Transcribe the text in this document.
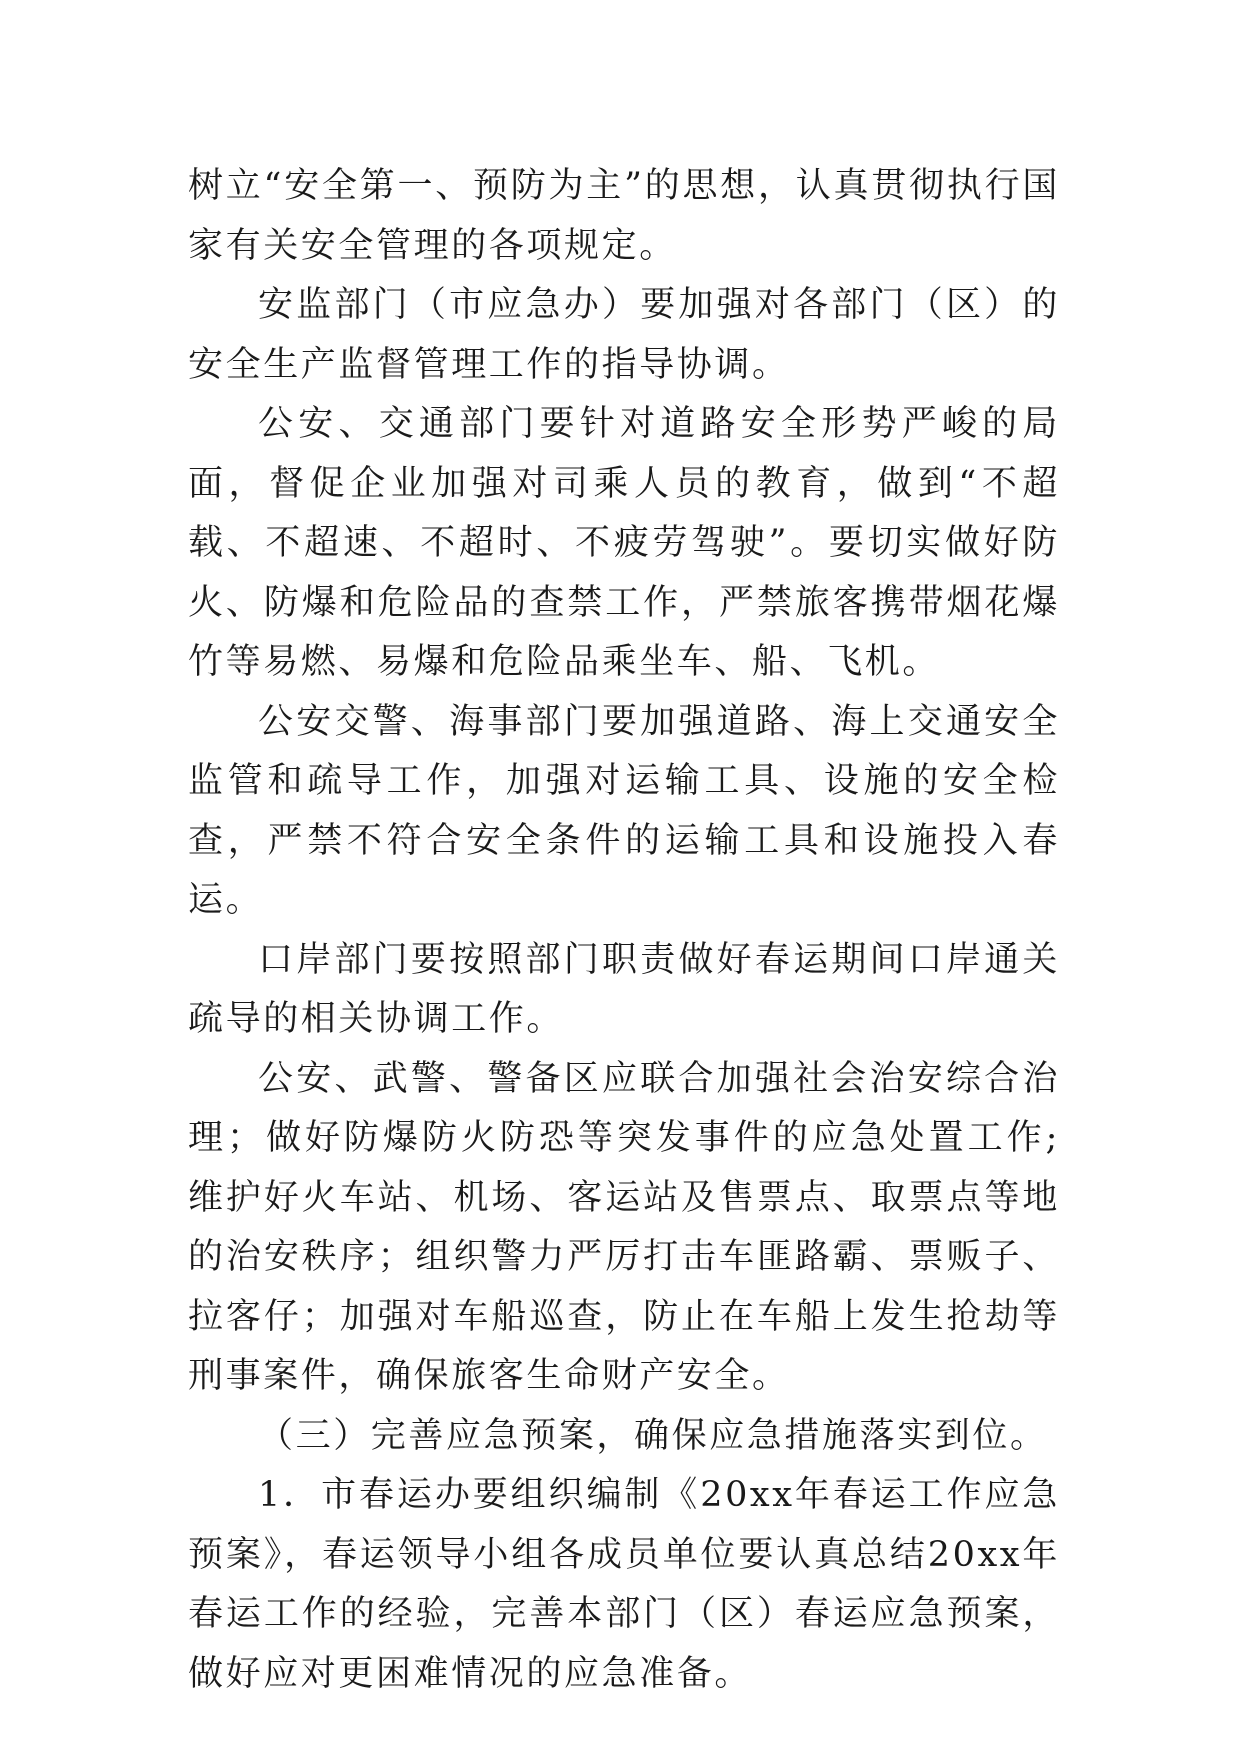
树立“安全第一、预防为主”的思想，认真贯彻执行国家有关安全管理的各项规定。

安监部门（市应急办）要加强对各部门（区）的安全生产监督管理工作的指导协调。

公安、交通部门要针对道路安全形势严峻的局面，督促企业加强对司乘人员的教育，做到“不超载、不超速、不超时、不疲劳驾驶”。要切实做好防火、防爆和危险品的查禁工作，严禁旅客携带烟花爆竹等易燃、易爆和危险品乘坐车、船、飞机。

公安交警、海事部门要加强道路、海上交通安全监管和疏导工作，加强对运输工具、设施的安全检查，严禁不符合安全条件的运输工具和设施投入春运。

口岸部门要按照部门职责做好春运期间口岸通关疏导的相关协调工作。

公安、武警、警备区应联合加强社会治安综合治理；做好防爆防火防恐等突发事件的应急处置工作;维护好火车站、机场、客运站及售票点、取票点等地的治安秩序；组织警力严厉打击车匪路霸、票贩子、拉客仔；加强对车船巡查，防止在车船上发生抢劫等刑事案件，确保旅客生命财产安全。

（三）完善应急预案，确保应急措施落实到位。

1．市春运办要组织编制《20xx年春运工作应急预案》，春运领导小组各成员单位要认真总结20xx年春运工作的经验，完善本部门（区）春运应急预案，做好应对更困难情况的应急准备。
